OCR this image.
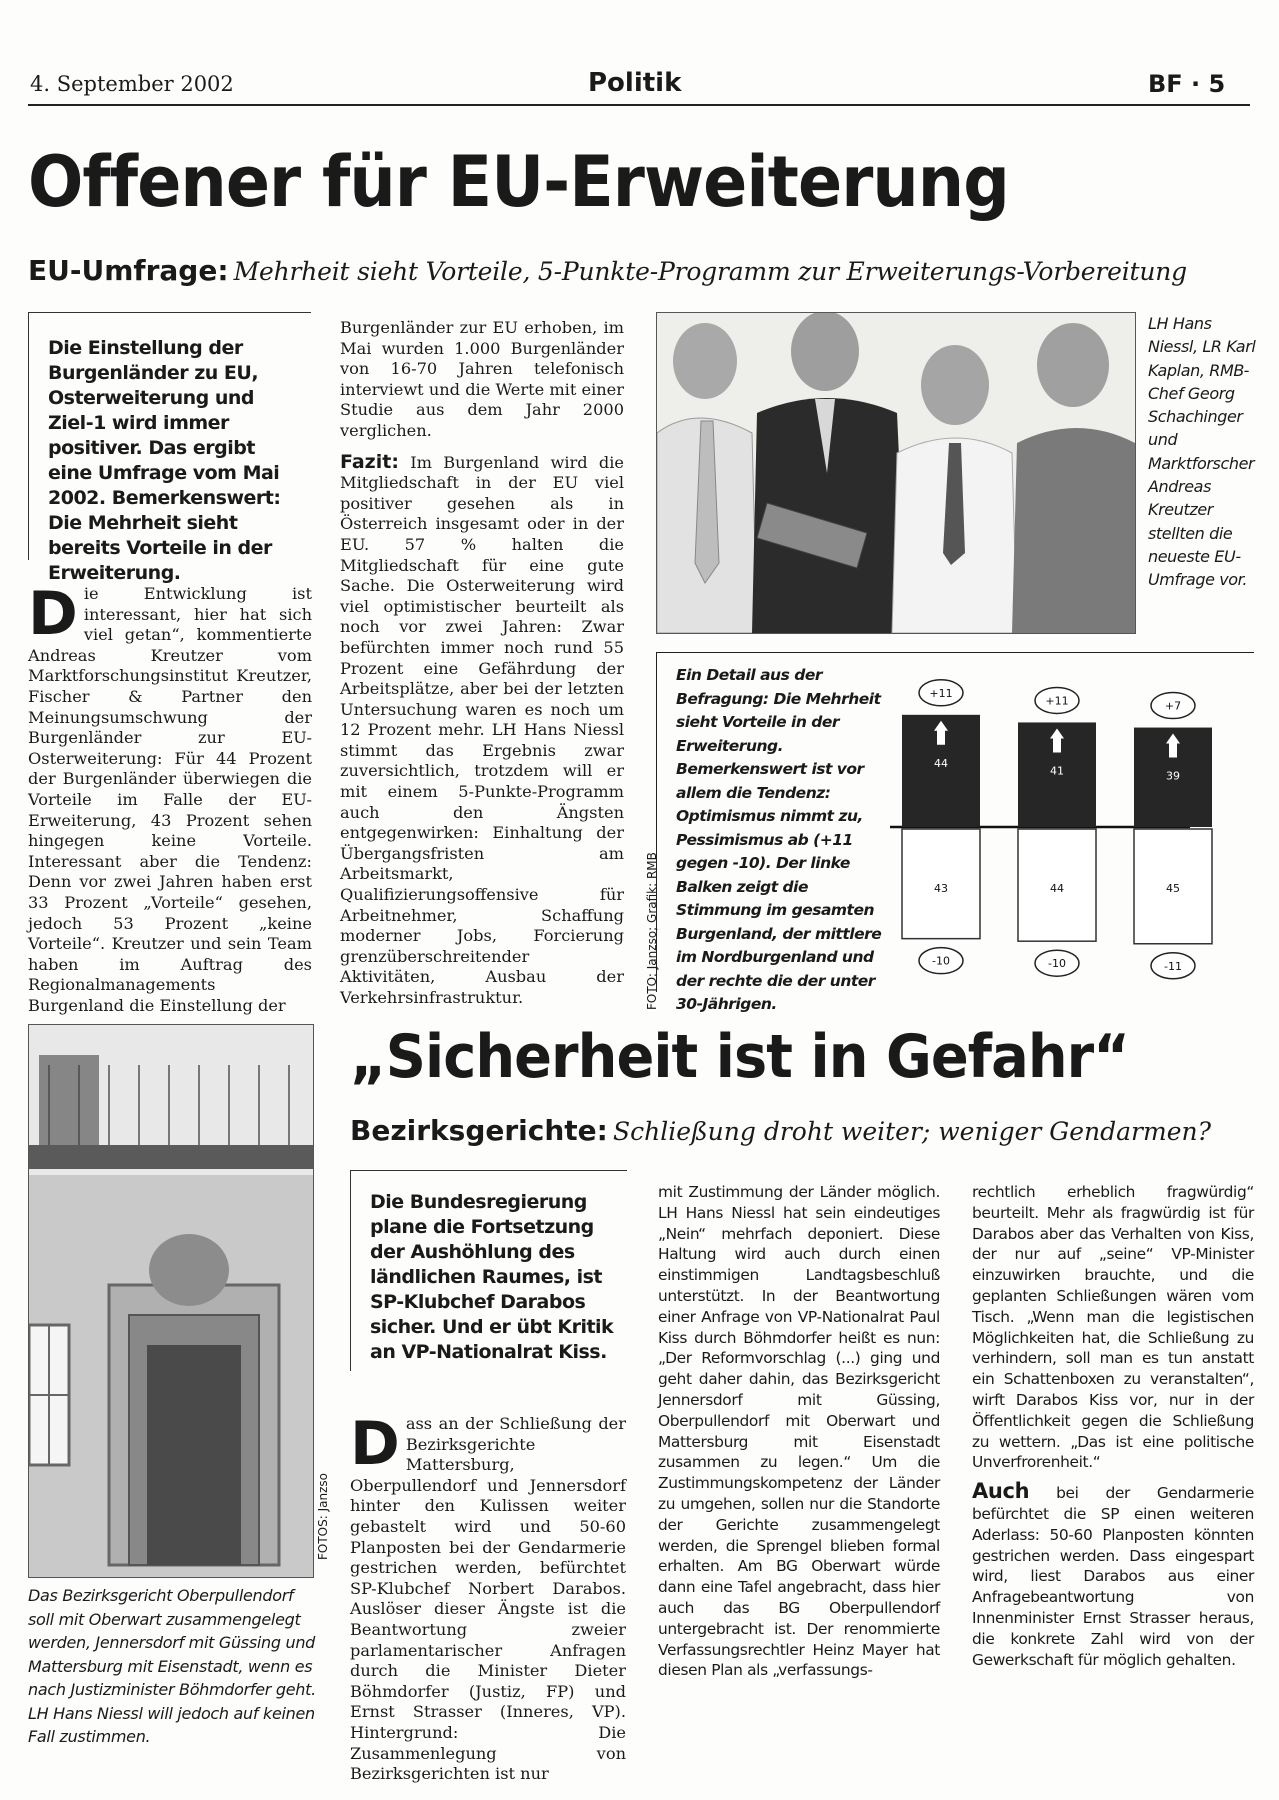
4. September 2002	Politik	BF · 5
Offener für EU-Erweiterung
EU-Umfrage: Mehrheit sieht Vorteile, 5-Punkte-Programm zur Erweiterungs-Vorbereitung
Die Einstellung der Burgenländer zu EU, Osterweiterung und Ziel-1 wird immer positiver. Das ergibt eine Umfrage vom Mai 2002. Bemerkenswert: Die Mehrheit sieht bereits Vorteile in der Erweiterung.
D ie Entwicklung ist interessant, hier hat sich viel getan“, kommentierte Andreas Kreutzer vom Marktforschungsinstitut Kreutzer, Fischer & Partner den Meinungsumschwung der Burgenländer zur EU-Osterweiterung: Für 44 Prozent der Burgenländer überwiegen die Vorteile im Falle der EU-Erweiterung, 43 Prozent sehen hingegen keine Vorteile. Interessant aber die Tendenz: Denn vor zwei Jahren haben erst 33 Prozent „Vorteile“ gesehen, jedoch 53 Prozent „keine Vorteile“. Kreutzer und sein Team haben im Auftrag des Regionalmanagements Burgenland die Einstellung der

Burgenländer zur EU erhoben, im Mai wurden 1.000 Burgenländer von 16-70 Jahren telefonisch interviewt und die Werte mit einer Studie aus dem Jahr 2000 verglichen.

Fazit: Im Burgenland wird die Mitgliedschaft in der EU viel positiver gesehen als in Österreich insgesamt oder in der EU. 57 % halten die Mitgliedschaft für eine gute Sache. Die Osterweiterung wird viel optimistischer beurteilt als noch vor zwei Jahren: Zwar befürchten immer noch rund 55 Prozent eine Gefährdung der Arbeitsplätze, aber bei der letzten Untersuchung waren es noch um 12 Prozent mehr. LH Hans Niessl stimmt das Ergebnis zwar zuversichtlich, trotzdem will er mit einem 5-Punkte-Programm auch den Ängsten entgegenwirken: Einhaltung der Übergangsfristen am Arbeitsmarkt, Qualifizierungsoffensive für Arbeitnehmer, Schaffung moderner Jobs, Forcierung grenzüberschreitender Aktivitäten, Ausbau der Verkehrsinfrastruktur.

LH Hans Niessl, LR Karl Kaplan, RMB-Chef Georg Schachinger und Marktforscher Andreas Kreutzer stellten die neueste EU-Umfrage vor.
Ein Detail aus der Befragung: Die Mehrheit sieht Vorteile in der Erweiterung. Bemerkenswert ist vor allem die Tendenz: Optimismus nimmt zu, Pessimismus ab (+11 gegen -10). Der linke Balken zeigt die Stimmung im gesamten Burgenland, der mittlere im Nordburgenland und der rechte die der unter 30-Jährigen.
FOTO: Janzso; Grafik: RMB
44
+11
41
+11
39
+7
43
-10
44
-10
45
-11
FOTOS: Janzso
Das Bezirksgericht Oberpullendorf soll mit Oberwart zusammengelegt werden, Jennersdorf mit Güssing und Mattersburg mit Eisenstadt, wenn es nach Justizminister Böhmdorfer geht. LH Hans Niessl will jedoch auf keinen Fall zustimmen.
„Sicherheit ist in Gefahr“
Bezirksgerichte: Schließung droht weiter; weniger Gendarmen?
Die Bundesregierung plane die Fortsetzung der Aushöhlung des ländlichen Raumes, ist SP-Klubchef Darabos sicher. Und er übt Kritik an VP-Nationalrat Kiss.
D ass an der Schließung der Bezirksgerichte Mattersburg, Oberpullendorf und Jennersdorf hinter den Kulissen weiter gebastelt wird und 50-60 Planposten bei der Gendarmerie gestrichen werden, befürchtet SP-Klubchef Norbert Darabos. Auslöser dieser Ängste ist die Beantwortung zweier parlamentarischer Anfragen durch die Minister Dieter Böhmdorfer (Justiz, FP) und Ernst Strasser (Inneres, VP). Hintergrund: Die Zusammenlegung von Bezirksgerichten ist nur
mit Zustimmung der Länder möglich. LH Hans Niessl hat sein eindeutiges „Nein“ mehrfach deponiert. Diese Haltung wird auch durch einen einstimmigen Landtagsbeschluß unterstützt. In der Beantwortung einer Anfrage von VP-Nationalrat Paul Kiss durch Böhmdorfer heißt es nun: „Der Reformvorschlag (...) ging und geht daher dahin, das Bezirksgericht Jennersdorf mit Güssing, Oberpullendorf mit Oberwart und Mattersburg mit Eisenstadt zusammen zu legen.“ Um die Zustimmungskompetenz der Länder zu umgehen, sollen nur die Standorte der Gerichte zusammengelegt werden, die Sprengel blieben formal erhalten. Am BG Oberwart würde dann eine Tafel angebracht, dass hier auch das BG Oberpullendorf untergebracht ist. Der renommierte Verfassungsrechtler Heinz Mayer hat diesen Plan als „verfassungs-

rechtlich erheblich fragwürdig“ beurteilt. Mehr als fragwürdig ist für Darabos aber das Verhalten von Kiss, der nur auf „seine“ VP-Minister einzuwirken brauchte, und die geplanten Schließungen wären vom Tisch. „Wenn man die legistischen Möglichkeiten hat, die Schließung zu verhindern, soll man es tun anstatt ein Schattenboxen zu veranstalten“, wirft Darabos Kiss vor, nur in der Öffentlichkeit gegen die Schließung zu wettern. „Das ist eine politische Unverfrorenheit.“

Auch bei der Gendarmerie befürchtet die SP einen weiteren Aderlass: 50-60 Planposten könnten gestrichen werden. Dass eingespart wird, liest Darabos aus einer Anfragebeantwortung von Innenminister Ernst Strasser heraus, die konkrete Zahl wird von der Gewerkschaft für möglich gehalten.
